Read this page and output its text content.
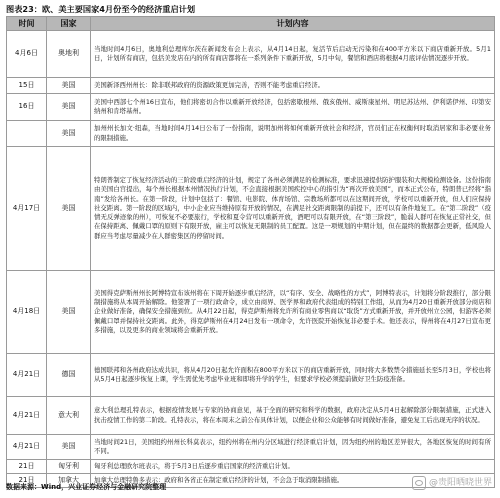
图表23：欧、美主要国家4月份至今的经济重启计划
时间	国家	计划内容
4月6日	奥地利	当地时间4月6日，奥地利总理库尔茨在新闻发布会上表示，从4月14日起，复活节后启动无污染和在400平方米以下商店重新开放。5月1日，计划所有商店，包括美发店在内的所有商店都将在一系列条件下重新开放，5月中旬，餐馆和酒店将根据4月底评估情况逐步开放。
15日	美国	美国新泽西州州长：除非联邦政府的资源政策更加完善，否则不能考虑重启经济。
16日	美国	美国中西部七个州16日宣布，他们将密切合作以重新开放经济，包括密歇根州、俄亥俄州、威斯康星州、明尼苏达州、伊利诺伊州、印第安纳州和肯塔基州。
	美国	加州州长加文·纽森，当地时间4月14日公布了一份指南，说明加州将如何重新开放社会和经济，官员们正在权衡何时取消居家和非必要业务的限制措施。
4月17日	美国	特朗普制定了恢复经济活动的三阶段重启经济的计划，规定了各州必须满足的检测标准，要求迅速提供防护服装和大规模检测设备。这份指南由美国白宫提出，每个州长根据本州情况执行计划，不会直接根据美国疾控中心的指引为“再次开放美国”，而本正式公布，特朗普已经将“指南”发给各州长。在第一阶段，计划中包括了：餐馆、电影院、体育场馆、宗教场所都可以在这期间开放，学校可以重新开放，但人们应保持社交距离。第一阶段的区域内，中小企业应当维持原有开放的情况，在满足社交距离限制的前提下，还可以有条件地复工。在“第二阶段”（疫情无反弹迹象的州），可恢复不必要旅行，学校和夏令营可以重新开放，酒吧可以有限开放，在“第三阶段”，脆弱人群可在恢复正常社交，但在保持距离、佩戴口罩的原则下有限开放，雇主可以恢复无限制的员工配置。这是一项规划的中期计划，但在最终的数据都会更新，低风险人群应当考虑尽量减少在人群密集区的停留时间。
4月18日	美国	美国得克萨斯州州长阿博特宣布该州将在下周开始逐步重启经济，以“有序、安全、战略性的方式”，阿博特表示，计划将分阶段推行，部分限制措施将从本周开始解除。他签署了一项行政命令，成立由商界、医学界和政府代表组成的特别工作组，从而为4月20日重新开放部分商店和企业做好准备，确保安全措施到位。从4月22日起，得克萨斯州将允许所有商业零售商以“取货”方式重新开放，并开放州立公园，但游客必须佩戴口罩并保持社交距离。此外，得克萨斯州在4月24日发布一项命令，允许医院开始恢复非必要手术。他还表示，得州将在4月27日宣布更多措施，以及更多的商业领域将会重新开放。
4月21日	德国	德国联邦和各州政府达成共识，将从4月20日起允许面积在800平方米以下的商店重新开放，同时将大多数禁令措施延长至5月3日，学校也将从5月4日起逐步恢复上课，学生需优先考虑毕业班和即将升学的学生，但要求学校必须提前做好卫生防疫准备。
4月21日	意大利	意大利总理孔特表示，根据疫情发展与专家的协商意见，基于全面的研究和科学的数据，政府决定从5月4日起解除部分限制措施，正式进入抗击疫情工作的第二阶段。孔特表示，将在本周末之前公布具体计划，以便企业和公众能够有时间做好准备，避免复工后出现无序的状况。
4月21日	美国	当地时间21日，美国纽约州州长科莫表示，纽约州将在州内分区域进行经济重启计划，因为纽约州的地区差异很大，各地区恢复的时间有所不同。
21日	匈牙利	匈牙利总理欧尔班表示，将于5月3日后逐步重启国家的经济重启计划。
21日	加拿大	加拿大总理特鲁多表示：政府和各省正在制定重启经济的计划，不会急于取消限制措施。
数据来源：Wind，兴业证券经济与金融研究院整理	@贵阳晒晓世界
